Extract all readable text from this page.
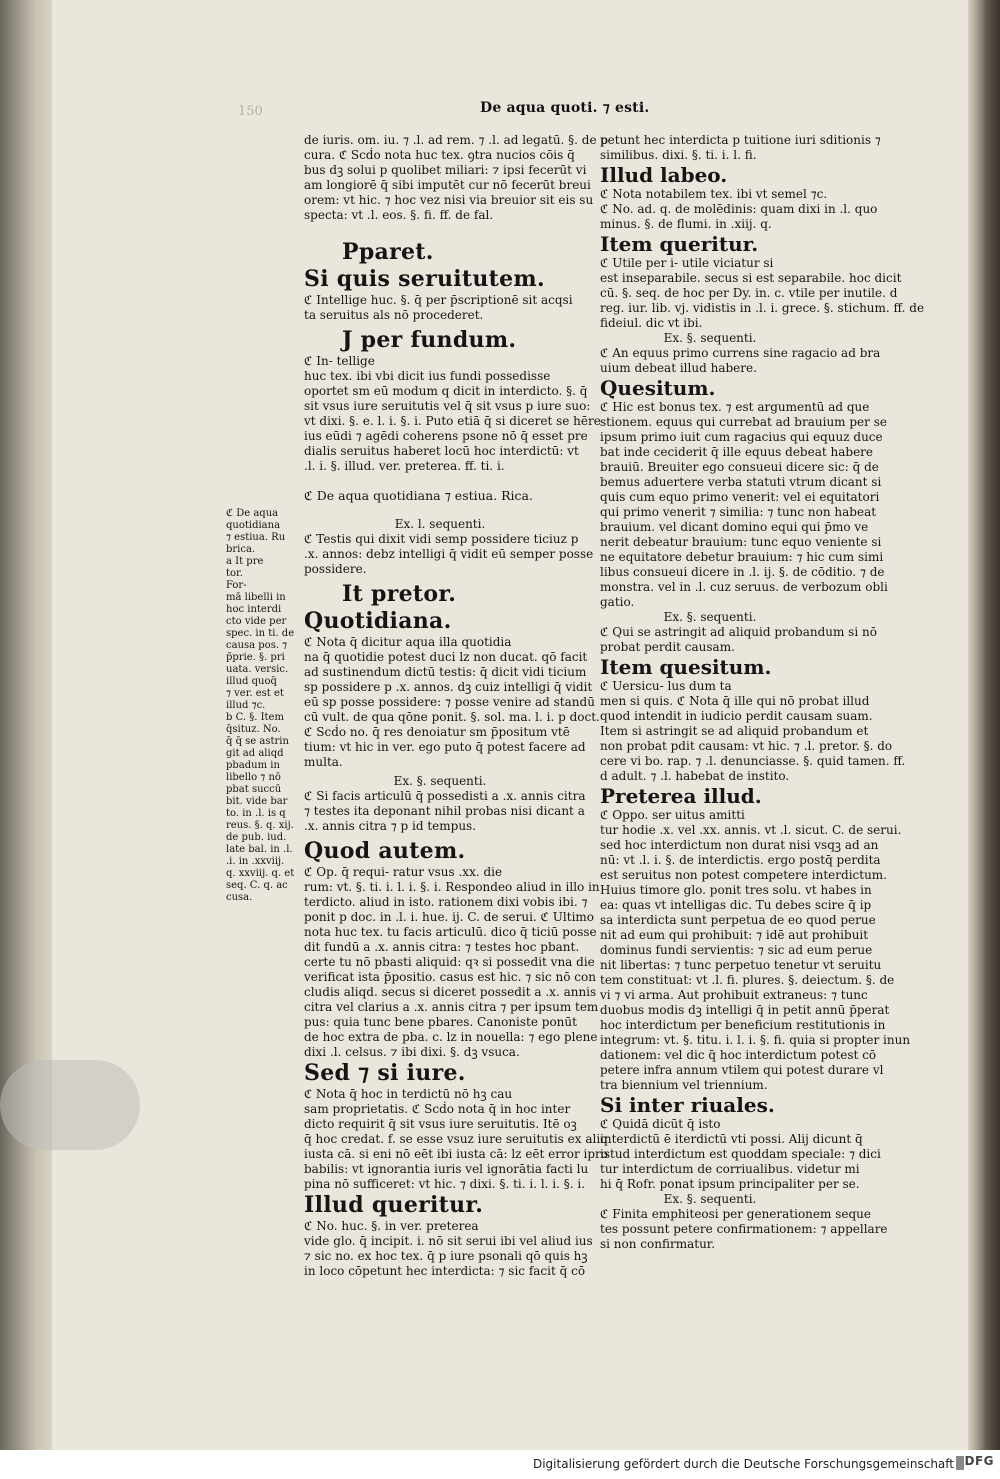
150	De aqua quoti. ⁊ esti.
ℭ De aqua
quotidiana
⁊ estiua. Ru
brica.
a It pre
tor.
For-
mā libelli in
hoc interdi
cto vide per
spec. in ti. de
causa pos. ⁊
p̄prie. §. pri
uata. versic.
illud quoq̄
⁊ ver. est et
illud ⁊c.
b C. §. Item
q̄situz. No.
q̄ q̄ se astrin
git ad aliqd
pbadum in
libello ⁊ nō
pbat succū
bit. vide bar
to. in .l. is q
reus. §. q. xij.
de pub. iud.
late bal. in .l.
.i. in .xxviij.
q. xxviij. q. et
seq. C. q. ac
cusa.
de iuris. om. iu. ⁊ .l. ad rem. ⁊ .l. ad legatū. §. de p
cura. ℭ Scḋo nota huc tex. ꝯtra nucios cōis q̄
bus dꝫ solui p quolibet miliari: ⁊ ipsi fecerūt vi
am longiorē q̄ sibi imputēt cur nō fecerūt breui
orem: vt hic. ⁊ hoc vez nisi via breuior sit eis su
specta: vt .l. eos. §. fi. ff. de fal.
Pparet.
Si quis seruitutem.
ℭ Intellige huc. §. q̄ per p̄scriptionē sit acqsi
ta seruitus als nō procederet.
J per fundum.
ℭ In- tellige
huc tex. ibi vbi dicit ius fundi possedisse
oportet sm eū modum q dicit in interdicto. §. q̄
sit vsus iure seruitutis vel q̄ sit vsus p iure suo:
vt dixi. §. e. l. i. §. i. Puto etiā q̄ si diceret se hēre
ius eūdi ⁊ agēdi coherens psone nō q̄ esset pre
dialis seruitus haberet locū hoc interdictū: vt
.l. i. §. illud. ver. preterea. ff. ti. i.
ℭ De aqua quotidiana ⁊ estiua. Rica.
Ex. l. sequenti.
ℭ Testis qui dixit vidi semp possidere ticiuz p
.x. annos: debz intelligi q̄ vidit eū semper posse
possidere.
It pretor.
Quotidiana.
ℭ Nota q̄ dicitur aqua illa quotidia
na q̄ quotidie potest duci lz non ducat. qō facit
ad sustinendum dictū testis: q̄ dicit vidi ticium
sp possidere p .x. annos. dꝫ cuiz intelligi q̄ vidit
eū sp posse possidere: ⁊ posse venire ad standū
cū vult. de qua qōne ponit. §. sol. ma. l. i. p doct.
ℭ Scḋo no. q̄ res denoiatur sm p̄positum vtē
tium: vt hic in ver. ego puto q̄ potest facere ad
multa.
Ex. §. sequenti.
ℭ Si facis articulū q̄ possedisti a .x. annis citra
⁊ testes ita deponant nihil probas nisi dicant a
.x. annis citra ⁊ p id tempus.
Quod autem.
ℭ Op. q̄ requi- ratur vsus .xx. die
rum: vt. §. ti. i. l. i. §. i. Respondeo aliud in illo in
terdicto. aliud in isto. rationem dixi vobis ibi. ⁊
ponit p doc. in .l. i. hue. ij. C. de serui. ℭ Ultimo
nota huc tex. tu facis articulū. dico q̄ ticiū posse
dit fundū a .x. annis citra: ⁊ testes hoc pbant.
certe tu nō pbasti aliquid: qꝛ si possedit vna die
verificat ista p̄positio. casus est hic. ⁊ sic nō con
cludis aliqd. secus si diceret possedit a .x. annis
citra vel clarius a .x. annis citra ⁊ per ipsum tem
pus: quia tunc bene pbares. Canoniste ponūt
de hoc extra de pba. c. lz in nouella: ⁊ ego plene
dixi .l. celsus. ⁊ ibi dixi. §. dꝫ vsuca.
Sed ⁊ si iure.
ℭ Nota q̄ hoc in terdictū nō hꝫ cau
sam proprietatis. ℭ Scḋo nota q̄ in hoc inter
dicto requirit q̄ sit vsus iure seruitutis. Itē oꝫ
q̄ hoc credat. f. se esse vsuz iure seruitutis ex aliq
iusta cā. si eni nō eēt ibi iusta cā: lz eēt error ipro
babilis: vt ignorantia iuris vel ignorātia facti lu
pina nō sufficeret: vt hic. ⁊ dixi. §. ti. i. l. i. §. i.
Illud queritur.
ℭ No. huc. §. in ver. preterea
vide glo. q̄ incipit. i. nō sit serui ibi vel aliud ius
⁊ sic no. ex hoc tex. q̄ p iure psonali qō quis hꝫ
in loco cōpetunt hec interdicta: ⁊ sic facit q̄ cō
petunt hec interdicta p tuitione iuri sditionis ⁊
similibus. dixi. §. ti. i. l. fi.
Illud labeo.
ℭ Nota notabilem tex. ibi vt semel ⁊c.
ℭ No. ad. q. de molēdinis: quam dixi in .l. quo
minus. §. de flumi. in .xiij. q.
Item queritur.
ℭ Utile per i- utile viciatur si
est inseparabile. secus si est separabile. hoc dicit
cū. §. seq. de hoc per Dy. in. c. vtile per inutile. d
reg. iur. lib. vj. vidistis in .l. i. grece. §. stichum. ff. de
fideiul. dic vt ibi.
Ex. §. sequenti.
ℭ An equus primo currens sine ragacio ad bra
uium debeat illud habere.
Quesitum.
ℭ Hic est bonus tex. ⁊ est argumentū ad que
stionem. equus qui currebat ad brauium per se
ipsum primo iuit cum ragacius qui equuz duce
bat inde ceciderit q̄ ille equus debeat habere
brauiū. Breuiter ego consueui dicere sic: q̄ de
bemus aduertere verba statuti vtrum dicant si
quis cum equo primo venerit: vel ei equitatori
qui primo venerit ⁊ similia: ⁊ tunc non habeat
brauium. vel dicant domino equi qui p̄mo ve
nerit debeatur brauium: tunc equo veniente si
ne equitatore debetur brauium: ⁊ hic cum simi
libus consueui dicere in .l. ij. §. de cōditio. ⁊ de
monstra. vel in .l. cuz seruus. de verbozum obli
gatio.
Ex. §. sequenti.
ℭ Qui se astringit ad aliquid probandum si nō
probat perdit causam.
Item quesitum.
ℭ Uersicu- lus dum ta
men si quis. ℭ Nota q̄ ille qui nō probat illud
quod intendit in iudicio perdit causam suam.
Item si astringit se ad aliquid probandum et
non probat pdit causam: vt hic. ⁊ .l. pretor. §. do
cere vi bo. rap. ⁊ .l. denunciasse. §. quid tamen. ff.
d adult. ⁊ .l. habebat de instito.
Preterea illud.
ℭ Oppo. ser uitus amitti
tur hodie .x. vel .xx. annis. vt .l. sicut. C. de serui.
sed hoc interdictum non durat nisi vsqꝫ ad an
nū: vt .l. i. §. de interdictis. ergo postq̄ perdita
est seruitus non potest competere interdictum.
Huius timore glo. ponit tres solu. vt habes in
ea: quas vt intelligas dic. Tu debes scire q̄ ip
sa interdicta sunt perpetua de eo quod perue
nit ad eum qui prohibuit: ⁊ idē aut prohibuit
dominus fundi servientis: ⁊ sic ad eum perue
nit libertas: ⁊ tunc perpetuo tenetur vt seruitu
tem constituat: vt .l. fi. plures. §. deiectum. §. de
vi ⁊ vi arma. Aut prohibuit extraneus: ⁊ tunc
duobus modis dꝫ intelligi q̄ in petit annū p̄perat
hoc interdictum per beneficium restitutionis in
integrum: vt. §. titu. i. l. i. §. fi. quia si propter inun
dationem: vel dic q̄ hoc interdictum potest cō
petere infra annum vtilem qui potest durare vl
tra biennium vel triennium.
Si inter riuales.
ℭ Quidā dicūt q̄ isto
interdictū ē iterdictū vti possi. Alij dicunt q̄
istud interdictum est quoddam speciale: ⁊ dici
tur interdictum de corriualibus. videtur mi
hi q̄ Rofr. ponat ipsum principaliter per se.
Ex. §. sequenti.
ℭ Finita emphiteosi per generationem seque
tes possunt petere confirmationem: ⁊ appellare
si non confirmatur.
Digitalisierung gefördert durch die Deutsche Forschungsgemeinschaft DFG
